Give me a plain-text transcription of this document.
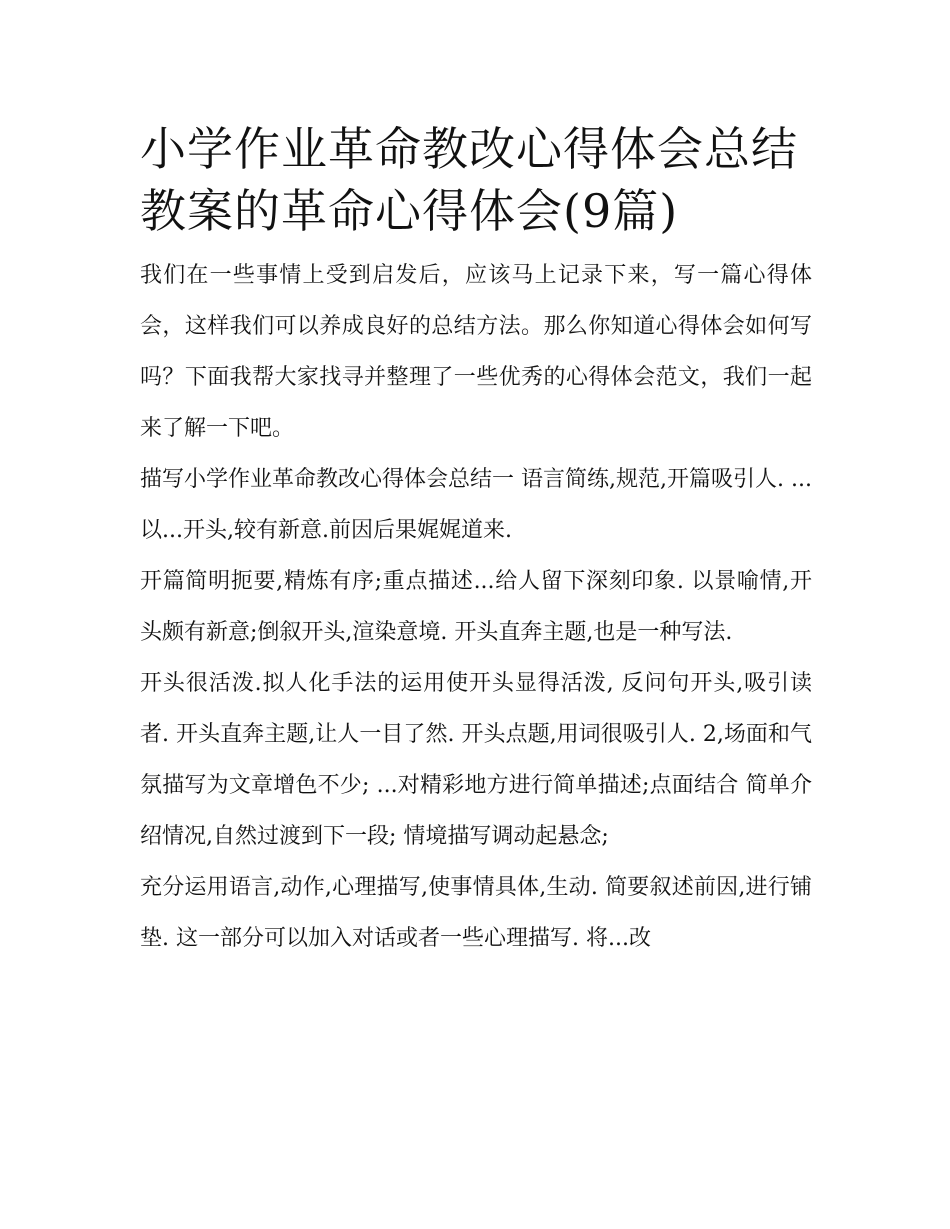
小学作业革命教改心得体会总结 教案的革命心得体会(9篇)

我们在一些事情上受到启发后，应该马上记录下来，写一篇心得体会，这样我们可以养成良好的总结方法。那么你知道心得体会如何写吗？下面我帮大家找寻并整理了一些优秀的心得体会范文，我们一起来了解一下吧。

描写小学作业革命教改心得体会总结一 语言简练,规范,开篇吸引人. ...以...开头,较有新意.前因后果娓娓道来.

开篇简明扼要,精炼有序;重点描述...给人留下深刻印象. 以景喻情,开头颇有新意;倒叙开头,渲染意境. 开头直奔主题,也是一种写法.

开头很活泼.拟人化手法的运用使开头显得活泼, 反问句开头,吸引读者. 开头直奔主题,让人一目了然. 开头点题,用词很吸引人. 2,场面和气氛描写为文章增色不少; ...对精彩地方进行简单描述;点面结合 简单介绍情况,自然过渡到下一段; 情境描写调动起悬念;

充分运用语言,动作,心理描写,使事情具体,生动. 简要叙述前因,进行铺垫. 这一部分可以加入对话或者一些心理描写. 将...改
